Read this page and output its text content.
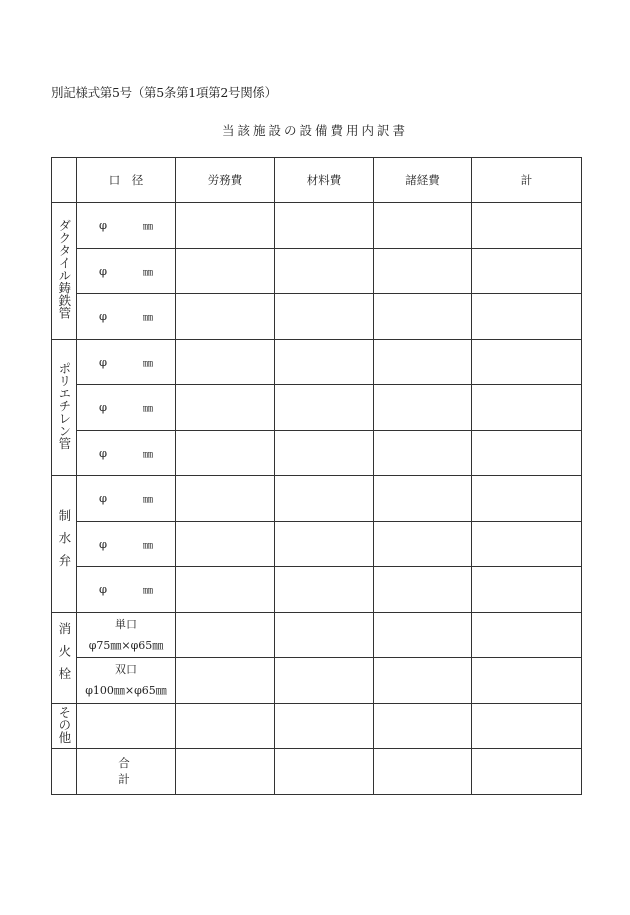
別記様式第5号（第5条第1項第2号関係）
当該施設の設備費用内訳書
	口　径	労務費	材料費	諸経費	計
ダクタイル鋳鉄管	φ ㎜				

	φ ㎜				

	φ ㎜				

ポリエチレン管	φ ㎜				

	φ ㎜				

	φ ㎜				

制水弁	φ ㎜				

	φ ㎜				

	φ ㎜				

消火栓	単口
φ75㎜×φ65㎜				

	双口
φ100㎜×φ65㎜				

その他					
	合　計				
